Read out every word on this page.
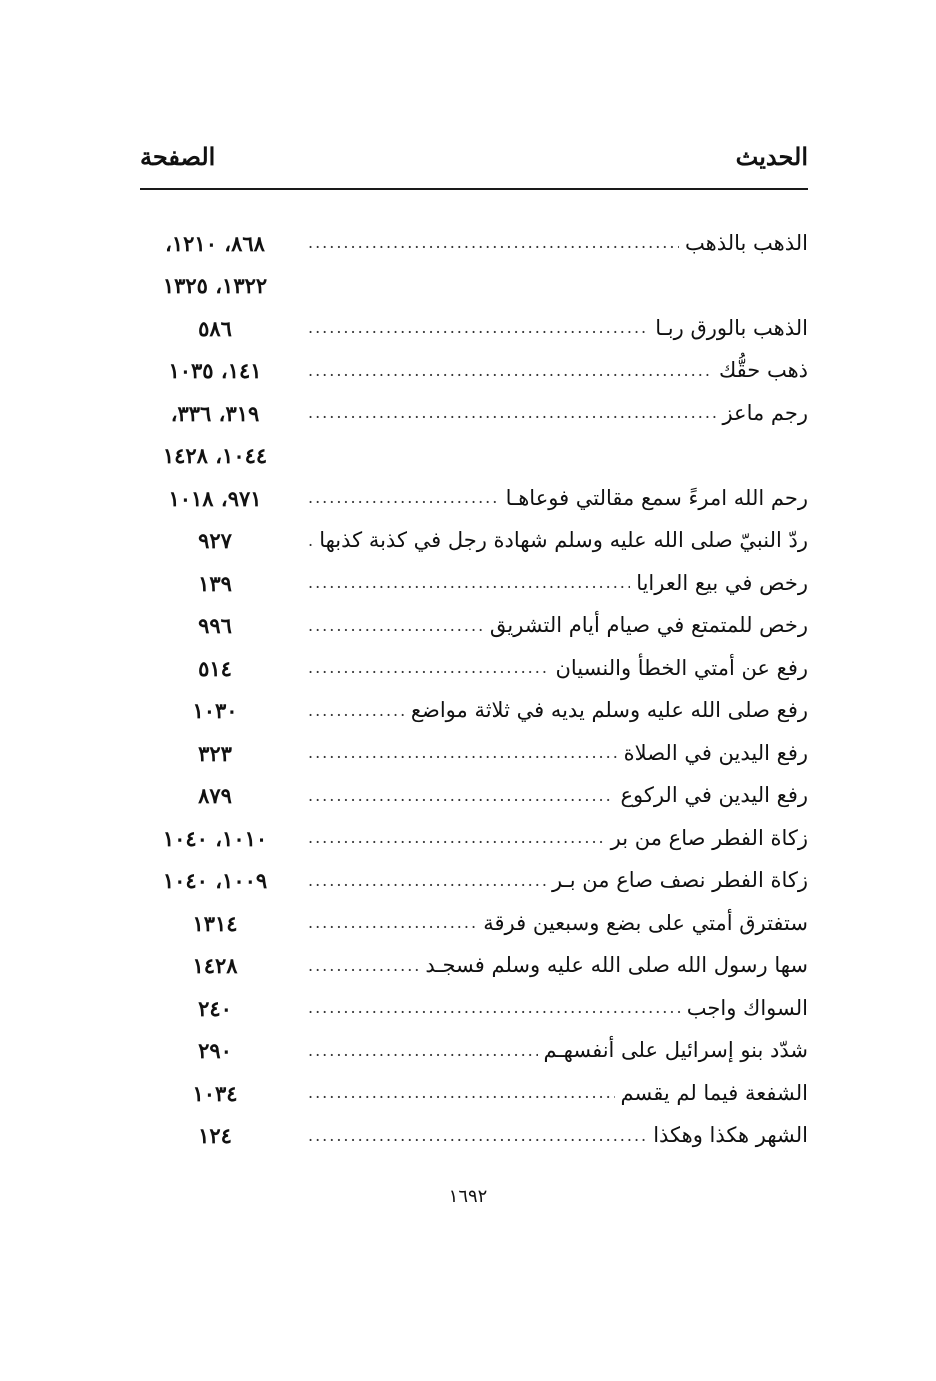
الحديث
الصفحة
الذهب بالذهب
.....
٨٦٨، ١٢١٠،
١٣٢٢، ١٣٢٥
الذهب بالورق ربـا
.....
٥٨٦
ذهب حقُّك
.....
١٤١، ١٠٣٥
رجم ماعز
.....
٣١٩، ٣٣٦،
١٠٤٤، ١٤٢٨
رحم الله امرءً سمع مقالتي فوعاهـا
.....
٩٧١، ١٠١٨
ردّ النبيّ صلى الله عليه وسلم شهادة رجل في كذبة كذبها
.....
٩٢٧
رخص في بيع العرايا
.....
١٣٩
رخص للمتمتع في صيام أيام التشريق
.....
٩٩٦
رفع عن أمتي الخطأ والنسيان
.....
٥١٤
رفع صلى الله عليه وسلم يديه في ثلاثة مواضع
.....
١٠٣٠
رفع اليدين في الصلاة
.....
٣٢٣
رفع اليدين في الركوع
.....
٨٧٩
زكاة الفطر صاع من بر
.....
١٠١٠، ١٠٤٠
زكاة الفطر نصف صاع من بـر
.....
١٠٠٩، ١٠٤٠
ستفترق أمتي على بضع وسبعين فرقة
.....
١٣١٤
سها رسول الله صلى الله عليه وسلم فسجـد
.....
١٤٢٨
السواك واجب
.....
٢٤٠
شدّد بنو إسرائيل على أنفسهـم
.....
٢٩٠
الشفعة فيما لم يقسم
.....
١٠٣٤
الشهر هكذا وهكذا
.....
١٢٤
١٦٩٢
